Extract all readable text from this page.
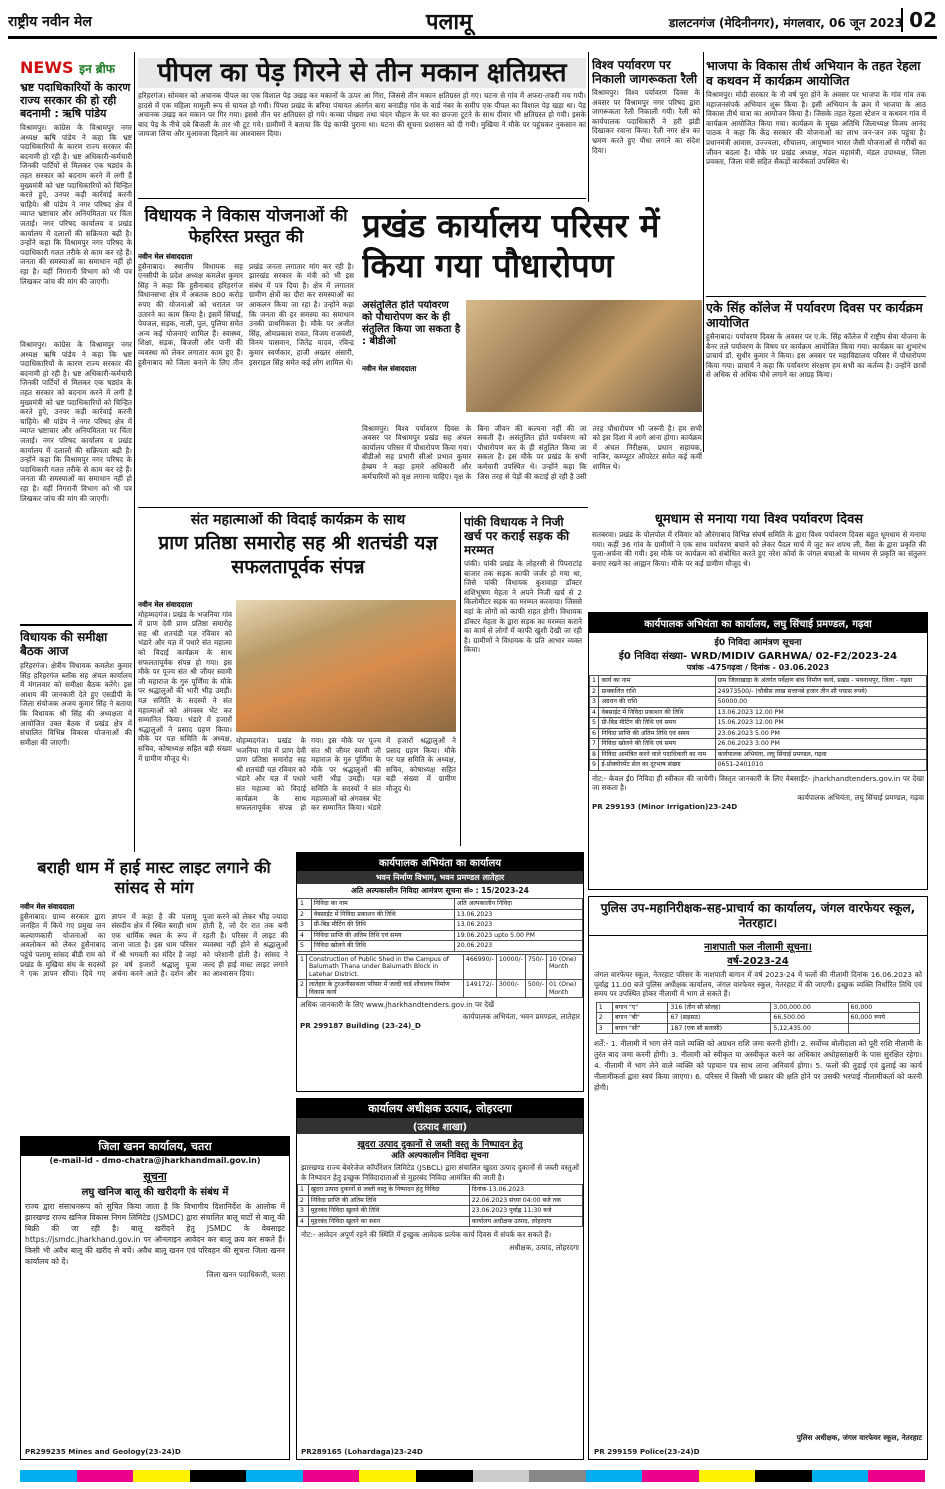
राष्ट्रीय नवीन मेल	पलामू	डालटनगंज (मेदिनीनगर), मंगलवार, 06 जून 2023 02
NEWS इन ब्रीफ
भ्रष्ट पदाधिकारियों के कारण राज्य सरकार की हो रही बदनामी : ऋषि पांडेय
विश्रामपुर। कांग्रेस के विश्रामपुर नगर अध्यक्ष ऋषि पांडेय ने कहा कि भ्रष्ट पदाधिकारियों के कारण राज्य सरकार की बदनामी हो रही है। भ्रष्ट अधिकारी-कर्मचारी जिनकी पार्टियों से मिलकर एक षड्यंत्र के तहत सरकार को बदनाम करने में लगी हैं मुख्यमंत्री को भ्रष्ट पदाधिकारियों को चिन्हित करते हुऐ, उनपर कड़ी कार्रवाई करनी चाहिये। श्री पांडेय ने नगर परिषद क्षेत्र में व्याप्त भ्रष्टाचार और अनियमितता पर चिंता जताई। नगर परिषद कार्यालय व प्रखंड कार्यालय में दलालों की सक्रियता बढ़ी है। उन्होंने कहा कि विश्रामपुर नगर परिषद के पदाधिकारी गलत तरीके से काम कर रहे हैं। जनता की समस्याओं का समाधान नहीं हो रहा है। वहीं निगरानी विभाग को भी पत्र लिखकर जांच की मांग की जाएगी।
विधायक की समीक्षा बैठक आज
हरिहरगंज। क्षेत्रीय विधायक कमलेश कुमार सिंह हरिहरगंज ब्लॉक सह अंचल कार्यालय में मंगलवार को समीक्षा बैठक करेंगे। इस आशय की जानकारी देते हुए एसडीपी के जिला संयोजक अजय कुमार सिंह ने बताया कि विधायक श्री सिंह की अध्यक्षता में आयोजित उक्त बैठक में प्रखंड क्षेत्र में संचालित विभिन्न विकास योजनाओं की समीक्षा की जाएगी।
विश्रामपुर। कांग्रेस के विश्रामपुर नगर अध्यक्ष ऋषि पांडेय ने कहा कि भ्रष्ट पदाधिकारियों के कारण राज्य सरकार की बदनामी हो रही है। भ्रष्ट अधिकारी-कर्मचारी जिनकी पार्टियों से मिलकर एक षड्यंत्र के तहत सरकार को बदनाम करने में लगी हैं मुख्यमंत्री को भ्रष्ट पदाधिकारियों को चिन्हित करते हुऐ, उनपर कड़ी कार्रवाई करनी चाहिये। श्री पांडेय ने नगर परिषद क्षेत्र में व्याप्त भ्रष्टाचार और अनियमितता पर चिंता जताई। नगर परिषद कार्यालय व प्रखंड कार्यालय में दलालों की सक्रियता बढ़ी है। उन्होंने कहा कि विश्रामपुर नगर परिषद के पदाधिकारी गलत तरीके से काम कर रहे हैं। जनता की समस्याओं का समाधान नहीं हो रहा है। वहीं निगरानी विभाग को भी पत्र लिखकर जांच की मांग की जाएगी।
पीपल का पेड़ गिरने से तीन मकान क्षतिग्रस्त
हरिहरगंज। सोमवार को अचानक पीपल का एक विशाल पेड़ उखड़ कर मकानों के ऊपर आ गिरा, जिससे तीन मकान क्षतिग्रस्त हो गए। घटना से गांव में अफरा-तफरी मच गयी। हादसे में एक महिला मामूली रूप से घायल हो गयी। पिपरा प्रखंड के बरिया पंचायत अंतर्गत बारा बनाडीह गांव के वार्ड नंबर के समीप एक पीपल का विशाल पेड़ खड़ा था। पेड़ अचानक उखड़ कर मकान पर गिर गया। इससे तीन घर क्षतिग्रस्त हो गये। कच्चा पोखरा तथा चंदन चौहान के घर का छज्जा टूटने के साथ दीवार भी क्षतिग्रस्त हो गयी। इसके बाद पेड़ के नीचे दबे बिजली के तार भी टूट गये। ग्रामीणों ने बताया कि पेड़ काफी पुराना था। घटना की सूचना प्रशासन को दी गयी। मुखिया ने मौके पर पहुंचकर नुकसान का जायजा लिया और मुआवजा दिलाने का आश्वासन दिया।
विश्व पर्यावरण पर निकाली जागरूकता रैली
विश्रामपुर। विश्व पर्यावरण दिवस के अवसर पर विश्रामपुर नगर परिषद द्वारा जागरूकता रैली निकाली गयी। रैली को कार्यपालक पदाधिकारी ने हरी झंडी दिखाकर रवाना किया। रैली नगर क्षेत्र का भ्रमण करते हुए पौधा लगाने का संदेश दिया।
भाजपा के विकास तीर्थ अभियान के तहत रेहला व कथवन में कार्यक्रम आयोजित
विश्रामपुर। मोदी सरकार के नौ वर्ष पूरा होने के अवसर पर भाजपा के गांव गांव तक महाजनसंपर्क अभियान शुरू किया है। इसी अभियान के क्रम में भाजपा के आठ विकास तीर्थ यात्रा का आयोजन किया है। जिसके तहत रेहला स्टेशन व कथवन गांव में कार्यक्रम आयोजित किया गया। कार्यक्रम के मुख्य अतिथि जिलाध्यक्ष विजय आनंद पाठक ने कहा कि केंद्र सरकार की योजनाओं का लाभ जन-जन तक पहुंचा है। प्रधानमंत्री आवास, उज्ज्वला, शौचालय, आयुष्मान भारत जैसी योजनाओं से गरीबों का जीवन बदला है। मौके पर प्रखंड अध्यक्ष, मंडल महामंत्री, मंडल उपाध्यक्ष, जिला प्रवक्ता, जिला मंत्री सहित सैकड़ों कार्यकर्ता उपस्थित थे।
एके सिंह कॉलेज में पर्यावरण दिवस पर कार्यक्रम आयोजित
हुसैनाबाद। पर्यावरण दिवस के अवसर पर ए.के. सिंह कॉलेज में राष्ट्रीय सेवा योजना के बैनर तले पर्यावरण के विषय पर कार्यक्रम आयोजित किया गया। कार्यक्रम का शुभारंभ प्राचार्य डॉ. सुधीर कुमार ने किया। इस अवसर पर महाविद्यालय परिसर में पौधारोपण किया गया। प्राचार्य ने कहा कि पर्यावरण संरक्षण हम सभी का कर्तव्य है। उन्होंने छात्रों से अधिक से अधिक पौधे लगाने का आग्रह किया।
विधायक ने विकास योजनाओं की फेहरिस्त प्रस्तुत की
नवीन मेल संवाददाता
हुसैनाबाद। स्थानीय विधायक सह एनसीपी के प्रदेश अध्यक्ष कमलेश कुमार सिंह ने कहा कि हुसैनाबाद हरिहरगंज विधानसभा क्षेत्र में अबतक 800 करोड़ रुपए की योजनाओं को धरातल पर उतारने का काम किया है। इसमें सिंचाई, पेयजल, सड़क, नाली, पुल, पुलिया समेत अन्य कई योजनाएं शामिल हैं। स्वास्थ्य, शिक्षा, सड़क, बिजली और पानी की व्यवस्था को लेकर लगातार काम हुए हैं। हुसैनाबाद को जिला बनाने के लिए तीन प्रखंड जनता लगातार मांग कर रही है। झारखंड सरकार के मंत्री को भी इस संबंध में पत्र दिया है। क्षेत्र में लगातार ग्रामीण क्षेत्रों का दौरा कर समस्याओं का आकलन किया जा रहा है। उन्होंने कहा कि जनता की हर समस्या का समाधान उनकी प्राथमिकता है। मौके पर अजीत सिंह, ओमप्रकाश रावत, विजय राजवंशी, विनय पासवान, जितेंद्र यादव, रविन्द्र कुमार स्वर्णकार, हाजी अख्तर अंसारी, इसराइल सिंह समेत कई लोग शामिल थे।
प्रखंड कार्यालय परिसर में किया गया पौधारोपण
असंतुलित होते पर्यावरण को पौधारोपण कर के ही संतुलित किया जा सकता है : बीडीओ
नवीन मेल संवाददाता
विश्रामपुर। विश्व पर्यावरण दिवस के अवसर पर विश्रामपुर प्रखंड सह अंचल कार्यालय परिसर में पौधारोपण किया गया। बीडीओ सह प्रभारी सीओ प्रभात कुमार हेम्ब्रम ने कहा हमारे अधिकारी और कर्मचारियों को वृक्ष लगाना चाहिए। वृक्ष के बिना जीवन की कल्पना नहीं की जा सकती है। असंतुलित होते पर्यावरण को पौधारोपण कर के ही संतुलित किया जा सकता है। इस मौके पर प्रखंड के सभी कर्मचारी उपस्थित थे। उन्होंने कहा कि जिस तरह से पेड़ों की कटाई हो रही है उसी तरह पौधारोपण भी जरूरी है। हम सभी को इस दिशा में आगे आना होगा। कार्यक्रम में अंचल निरीक्षक, प्रधान सहायक, नाजिर, कम्प्यूटर ऑपरेटर समेत कई कर्मी शामिल थे।
धूमधाम से मनाया गया विश्व पर्यावरण दिवस
सतबरवा। प्रखंड के पोलपोल में रविवार को औरंगाबाद विभिन्न संघर्ष समिति के द्वारा विश्व पर्यावरण दिवस बहुत धूमधाम से मनाया गया। कहीं 36 गांव के ग्रामीणों ने एक साथ पर्यावरण बचाने को लेकर पैदल मार्च में जुट कर शपथ ली, वैसा के द्वारा प्रकृति की पूजा-अर्चना की गयी। इस मौके पर कार्यक्रम को संबोधित करते हुए नरेश कोर्वा के जंगल बचाओ के माध्यम से प्रकृति का संतुलन बनाए रखने का आह्वान किया। मौके पर कई ग्रामीण मौजूद थे।
संत महात्माओं की विदाई कार्यक्रम के साथ
प्राण प्रतिष्ठा समारोह सह श्री शतचंडी यज्ञ सफलतापूर्वक संपन्न
नवीन मेल संवाददाता
मोहम्मदगंज। प्रखंड के भजनिया गांव में प्राण देवी प्राण प्रतिष्ठा समारोह सह श्री शतचंडी यज्ञ रविवार को भंडारे और यज्ञ में पधारे संत महात्मा को विदाई कार्यक्रम के साथ सफलतापूर्वक संपन्न हो गया। इस मौके पर पूज्य संत श्री जीयर स्वामी जी महाराज के गुरु पूर्णिमा के मौके पर श्रद्धालुओं की भारी भीड़ उमड़ी। यज्ञ समिति के सदस्यों ने संत महात्माओं को अंगवस्त्र भेंट कर सम्मानित किया। भंडारे में हजारों श्रद्धालुओं ने प्रसाद ग्रहण किया। मौके पर यज्ञ समिति के अध्यक्ष, सचिव, कोषाध्यक्ष सहित बड़ी संख्या में ग्रामीण मौजूद थे।
मोहम्मदगंज। प्रखंड के भजनिया गांव में प्राण देवी प्राण प्रतिष्ठा समारोह सह श्री शतचंडी यज्ञ रविवार को भंडारे और यज्ञ में पधारे संत महात्मा को विदाई कार्यक्रम के साथ सफलतापूर्वक संपन्न हो गया। इस मौके पर पूज्य संत श्री जीयर स्वामी जी महाराज के गुरु पूर्णिमा के मौके पर श्रद्धालुओं की भारी भीड़ उमड़ी। यज्ञ समिति के सदस्यों ने संत महात्माओं को अंगवस्त्र भेंट कर सम्मानित किया। भंडारे में हजारों श्रद्धालुओं ने प्रसाद ग्रहण किया। मौके पर यज्ञ समिति के अध्यक्ष, सचिव, कोषाध्यक्ष सहित बड़ी संख्या में ग्रामीण मौजूद थे।
पांकी विधायक ने निजी खर्च पर कराई सड़क की मरम्मत
पांकी। पांकी प्रखंड के लोहरसी से पिपराटांड़ बाजार तक सड़क काफी जर्जर हो गया था, जिसे पांकी विधायक कुशवाहा डॉक्टर शशिभूषण मेहता ने अपने निजी खर्च से 2 किलोमीटर सड़क का मरम्मत करवाया। जिससे वहां के लोगों को काफी राहत होगी। विधायक डॉक्टर मेहता के द्वारा सड़क का मरम्मत कराने का कार्य से लोगों में काफी खुशी देखी जा रही है। ग्रामीणों ने विधायक के प्रति आभार व्यक्त किया।
कार्यपालक अभियंता का कार्यालय, लघु सिंचाई प्रमण्डल, गढ़वा
ई0 निविदा आमंत्रण सूचना
ई0 निविदा संख्या- WRD/MIDIV GARHWA/ 02-F2/2023-24
पत्रांक -475गढ़वा / दिनांक - 03.06.2023
1	कार्य का नाम	ग्राम जिलाखाड़ा के अंतर्गत पर्वेक्षण बांध निर्माण कार्य, प्रखंड - भवनाथपुर, जिला - गढ़वा
2	प्राक्कलित राशि	24973500/- (चौबीस लाख सत्तानबे हजार तीन सौ पचास रुपये)
3	अग्रधन की राशि	50000.00
4	वेबसाईट में निविदा प्रकाशन की तिथि	13.06.2023 12.00 PM
5	प्री-बिड मीटिंग की तिथि एवं समय	15.06.2023 12.00 PM
6	निविदा प्राप्ति की अंतिम तिथि एवं समय	23.06.2023 5.00 PM
7	निविदा खोलने की तिथि एवं समय	26.06.2023 3.00 PM
8	निविदा आमंत्रित करने वाले पदाधिकारी का नाम	कार्यपालक अभियंता, लघु सिंचाई प्रमण्डल, गढ़वा
9	ई-प्रोक्योरमेंट सेल का दूरभाष संख्या	0651-2401010
नोट:- केवल ई0 निविदा ही स्वीकार की जायेगी। विस्तृत जानकारी के लिए वेबसाईट- jharkhandtenders.gov.in पर देखा जा सकता है।
कार्यपालक अभियंता, लघु सिंचाई प्रमण्डल, गढ़वा
PR 299193 (Minor Irrigation)23-24D
बराही धाम में हाई मास्ट लाइट लगाने की सांसद से मांग
नवीन मेल संवाददाता
हुसैनाबाद। ग्राम्य सरकार द्वारा जनहित में किये गए प्रमुख जन कल्याणकारी योजनाओं का अवलोकन को लेकर हुसैनाबाद पहुंचे पलामू सांसद बीडी राम को प्रखंड के मुखिया संघ के सदस्यों ने एक ज्ञापन सौंपा। दिये गए ज्ञापन में कहा है की पलामू संसदीय क्षेत्र में स्थित बराही धाम एक धार्मिक स्थल के रूप में जाना जाता है। इस धाम परिसर में श्री भगवती का मंदिर है जहां हर वर्ष हजारों श्रद्धालु पूजा अर्चना करने आते हैं। दर्शन और पूजा करने को लेकर भीड़ ज्यादा होती है, जो देर रात तक बनी रहती है। परिसर में लाइट की व्यवस्था नहीं होने से श्रद्धालुओं को परेशानी होती है। सांसद ने जल्द ही हाई मास्ट लाइट लगाने का आश्वासन दिया।
कार्यपालक अभियंता का कार्यालय
भवन निर्माण विभाग, भवन प्रमण्डल लातेहार
अति अल्पकालीन निविदा आमंत्रण सूचना सं० : 15/2023-24
1	निविदा का नाम	अति अल्पकालीन निविदा
2	वेबसाईट में निविदा प्रकाशन की तिथि	13.06.2023
3	प्री-बिड मीटिंग की तिथि	13.06.2023
4	निविदा प्राप्ति की अंतिम तिथि एवं समय	19.06.2023 upto 5.00 PM
5	निविदा खोलने की तिथि	20.06.2023
1	Construction of Public Shed in the Campus of Balumath Thana under Balumath Block in Latehar District.	466990/-	10000/-	750/-	10 (One) Month
2	लातेहार के टुरअनीसाथला परिसर में जल्दी वार्ड शौचालय निर्माण विकास कार्य	149172/-	3000/-	500/-	01 (One) Month
अधिक जानकारी के लिए www.jharkhandtenders.gov.in पर देखें
कार्यपालक अभियंता, भवन प्रमण्डल, लातेहार
PR 299187 Building (23-24)_D
जिला खनन कार्यालय, चतरा
(e-mail-id - dmo-chatra@jharkhandmail.gov.in)
सूचना
लघु खनिज बालू की खरीदगी के संबंध में
राज्य द्वारा संसाधनरूप को सुचित किया जाता है कि विभागीय दिशानिर्देश के आलोक में झारखण्ड राज्य खनिज विकास निगम लिमिटेड (JSMDC) द्वारा संचालित बालू घाटों से बालू की बिक्री की जा रही है। बालू खरीदने हेतु JSMDC के वेबसाइट https://jsmdc.jharkhand.gov.in पर ऑनलाइन आवेदन कर बालू क्रय कर सकते हैं। किसी भी अवैध बालू की खरीद से बचें। अवैध बालू खनन एवं परिवहन की सूचना जिला खनन कार्यालय को दें।
जिला खनन पदाधिकारी, चतरा
PR299235 Mines and Geology(23-24)D
कार्यालय अधीक्षक उत्पाद, लोहरदगा
(उत्पाद शाखा)
खुदरा उत्पाद दुकानों से जब्ती वस्तु के निष्पादन हेतु
अति अल्पकालीन निविदा सूचना
झारखण्ड राज्य बेवरेजेज कॉर्पोरेशन लिमिटेड (JSBCL) द्वारा संचालित खुदरा उत्पाद दुकानों से जब्ती वस्तुओं के निष्पादन हेतु इच्छुक निविदादाताओं से मुहरबंद निविदा आमंत्रित की जाती है।
1	खुदरा उत्पाद दुकानों से जब्ती वस्तु के निष्पादन हेतु निविदा	दिनांक-13.06.2023
2	निविदा प्राप्ति की अंतिम तिथि	22.06.2023 संध्या 04:00 बजे तक
3	मुहरबंद निविदा खुलने की तिथि	23.06.2023 पूर्वाह्न 11:30 बजे
4	मुहरबंद निविदा खुलने का स्थान	कार्यालय अधीक्षक उत्पाद, लोहरदगा
नोट:- आवेदन अपूर्ण रहने की स्थिति में इच्छुक आवेदक प्रत्येक कार्य दिवस में संपर्क कर सकते हैं।
अधीक्षक, उत्पाद, लोहरदगा
PR289165 (Lohardaga)23-24D
पुलिस उप-महानिरीक्षक-सह-प्राचार्य का कार्यालय, जंगल वारफेयर स्कूल, नेतरहाट।
नाशपाती फल नीलामी सूचना।
वर्ष-2023-24
जंगल वारफेयर स्कूल, नेतरहाट परिसर के नाशपाती बागान में वर्ष 2023-24 में फलों की नीलामी दिनांक 16.06.2023 को पूर्वाह्न 11.00 बजे पुलिस अधीक्षक कार्यालय, जंगल वारफेयर स्कूल, नेतरहाट में की जाएगी। इच्छुक व्यक्ति निर्धारित तिथि एवं समय पर उपस्थित होकर नीलामी में भाग ले सकते हैं।
1	बगान "ए"	316 (तीन सौ सोलह)	3,00,000.00	60,000
2	बगान "बी"	67 (सड़सठ)	66,500.00	60,000 रुपये
3	बगान "सी"	187 (एक सौ सतासी)	5,12,435.00	
शर्तें:- 1. नीलामी में भाग लेने वाले व्यक्ति को अग्रधन राशि जमा करनी होगी। 2. सर्वोच्च बोलीदाता को पूरी राशि नीलामी के तुरंत बाद जमा करनी होगी। 3. नीलामी को स्वीकृत या अस्वीकृत करने का अधिकार अधोहस्ताक्षरी के पास सुरक्षित रहेगा। 4. नीलामी में भाग लेने वाले व्यक्ति को पहचान पत्र साथ लाना अनिवार्य होगा। 5. फलों की तुड़ाई एवं ढुलाई का कार्य नीलामीकर्ता द्वारा स्वयं किया जाएगा। 6. परिसर में किसी भी प्रकार की क्षति होने पर उसकी भरपाई नीलामीकर्ता को करनी होगी।
पुलिस अधीक्षक, जंगल वारफेयर स्कूल, नेतरहाट
PR 299159 Police(23-24)D
